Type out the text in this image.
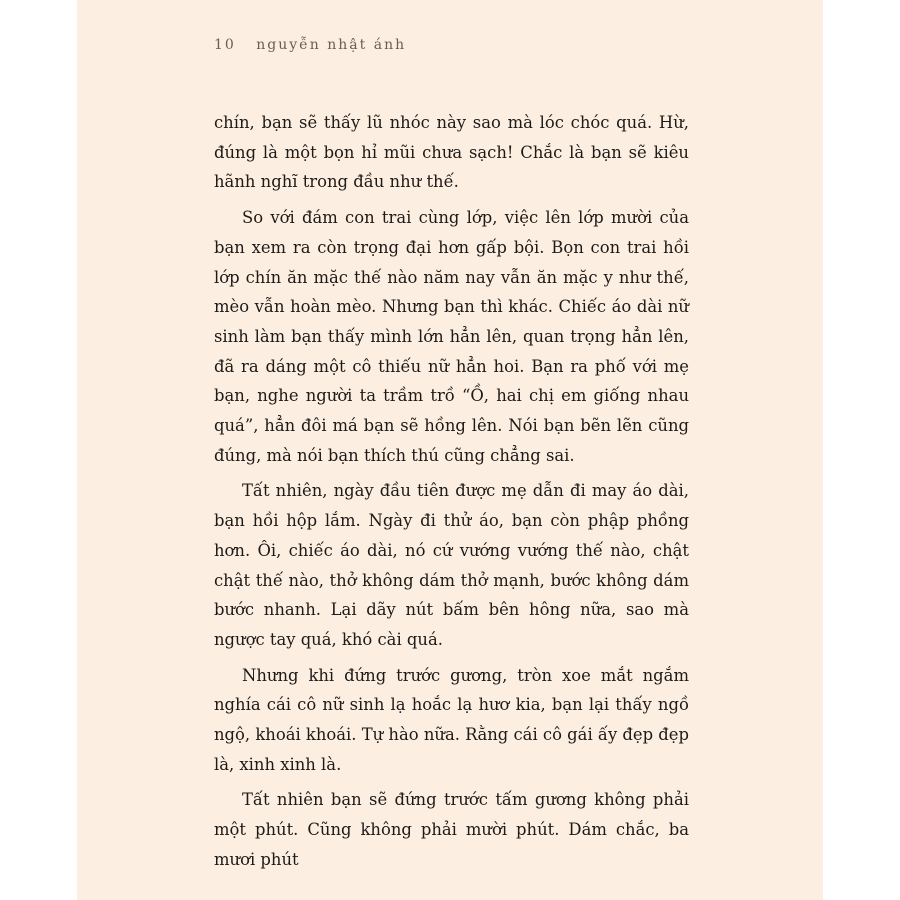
10 nguyễn nhật ánh

chín, bạn sẽ thấy lũ nhóc này sao mà lóc chóc quá. Hừ, đúng là một bọn hỉ mũi chưa sạch! Chắc là bạn sẽ kiêu hãnh nghĩ trong đầu như thế.

So với đám con trai cùng lớp, việc lên lớp mười của bạn xem ra còn trọng đại hơn gấp bội. Bọn con trai hồi lớp chín ăn mặc thế nào năm nay vẫn ăn mặc y như thế, mèo vẫn hoàn mèo. Nhưng bạn thì khác. Chiếc áo dài nữ sinh làm bạn thấy mình lớn hẳn lên, quan trọng hẳn lên, đã ra dáng một cô thiếu nữ hẳn hoi. Bạn ra phố với mẹ bạn, nghe người ta trầm trồ “Ồ, hai chị em giống nhau quá”, hẳn đôi má bạn sẽ hồng lên. Nói bạn bẽn lẽn cũng đúng, mà nói bạn thích thú cũng chẳng sai.

Tất nhiên, ngày đầu tiên được mẹ dẫn đi may áo dài, bạn hồi hộp lắm. Ngày đi thử áo, bạn còn phập phồng hơn. Ôi, chiếc áo dài, nó cứ vướng vướng thế nào, chật chật thế nào, thở không dám thở mạnh, bước không dám bước nhanh. Lại dãy nút bấm bên hông nữa, sao mà ngược tay quá, khó cài quá.

Nhưng khi đứng trước gương, tròn xoe mắt ngắm nghía cái cô nữ sinh lạ hoắc lạ hươ kia, bạn lại thấy ngồ ngộ, khoái khoái. Tự hào nữa. Rằng cái cô gái ấy đẹp đẹp là, xinh xinh là.

Tất nhiên bạn sẽ đứng trước tấm gương không phải một phút. Cũng không phải mười phút. Dám chắc, ba mươi phút
